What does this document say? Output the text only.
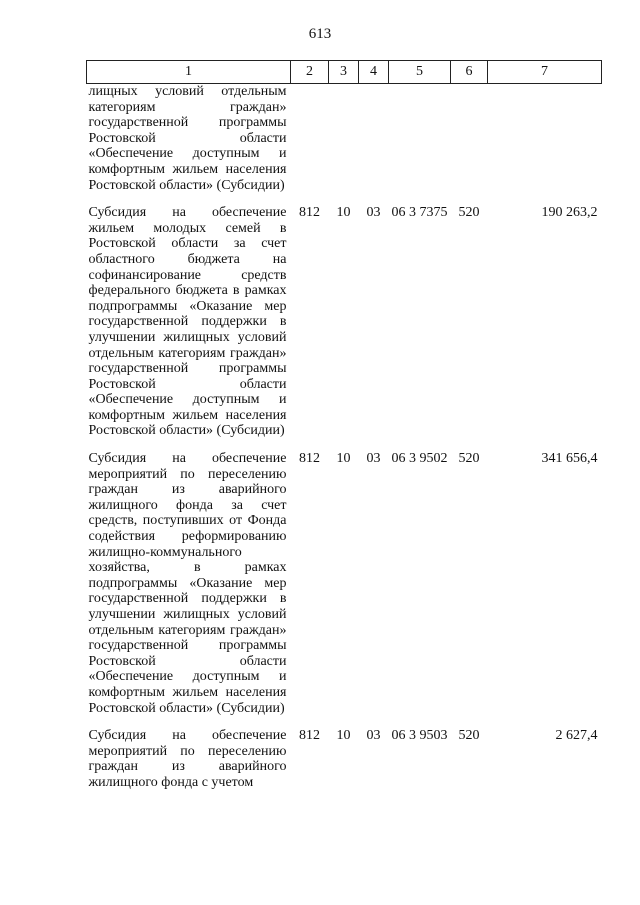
613
1	2	3	4	5	6	7
лищных условий отдельным категориям граждан» государственной программы Ростовской области «Обеспечение доступным и комфортным жильем населения Ростовской области» (Субсидии)						

Субсидия на обеспечение жильем молодых семей в Ростовской области за счет областного бюджета на софинансирование средств федерального бюджета в рамках подпрограммы «Оказание мер государственной поддержки в улучшении жилищных условий отдельным категориям граждан» государственной программы Ростовской области «Обеспечение доступным и комфортным жильем населения Ростовской области» (Субсидии)	812	10	03	06 3 7375	520	190 263,2

Субсидия на обеспечение мероприятий по переселению граждан из аварийного жилищного фонда за счет средств, поступивших от Фонда содействия реформированию жилищно-коммунального хозяйства, в рамках подпрограммы «Оказание мер государственной поддержки в улучшении жилищных условий отдельным категориям граждан» государственной программы Ростовской области «Обеспечение доступным и комфортным жильем населения Ростовской области» (Субсидии)	812	10	03	06 3 9502	520	341 656,4

Субсидия на обеспечение мероприятий по переселению граждан из аварийного жилищного фонда с учетом	812	10	03	06 3 9503	520	2 627,4
